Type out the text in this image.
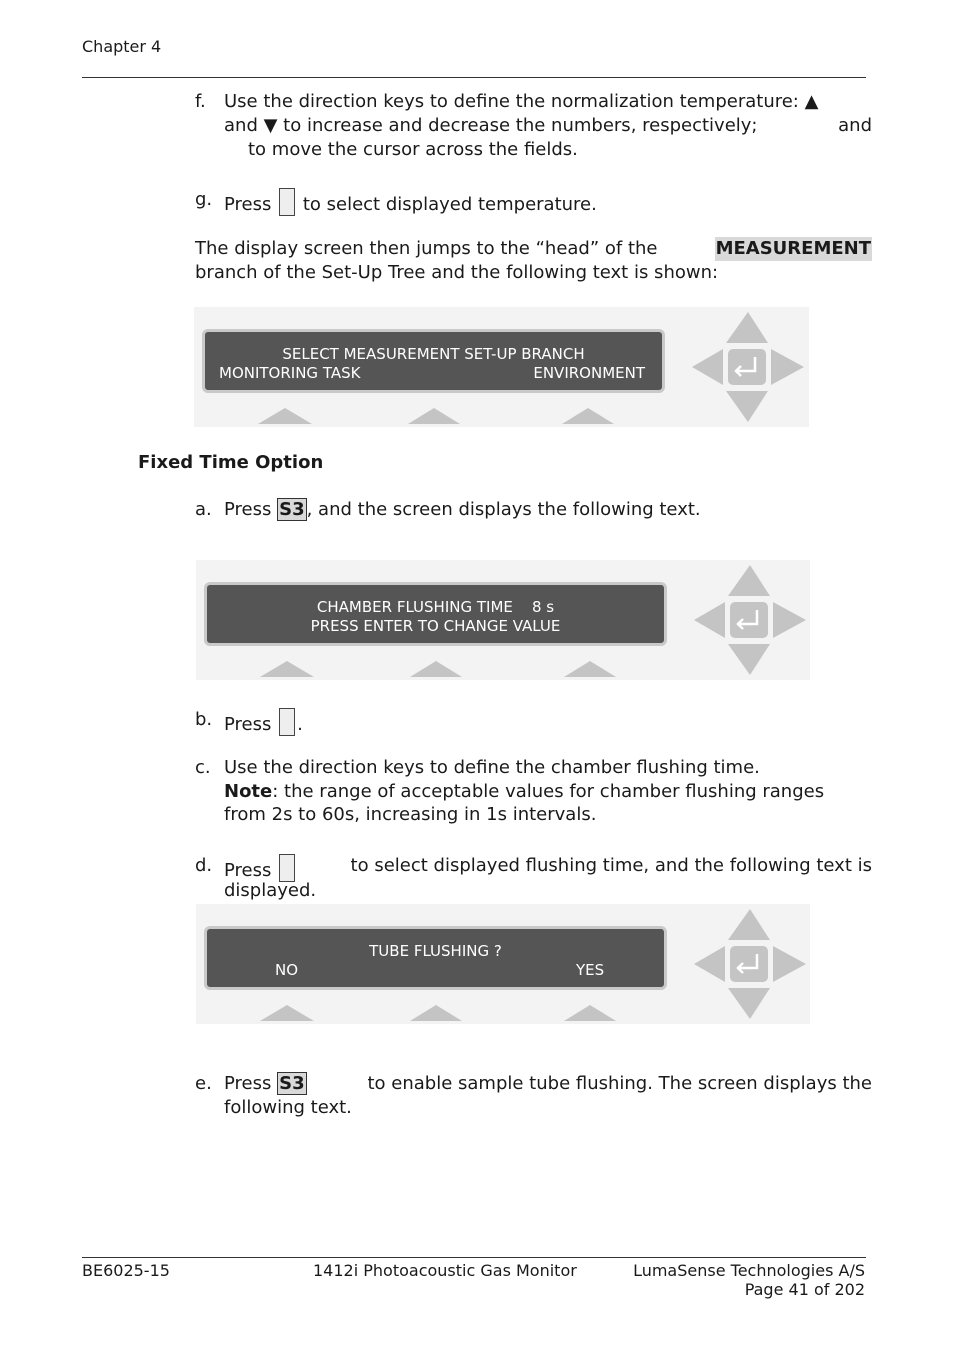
Chapter 4
f. Use the direction keys to define the normalization temperature: ▲
and ▼ to increase and decrease the numbers, respectively;	and
to move the cursor across the fields.
g. Press to select displayed temperature.
The display screen then jumps to the “head” of the	MEASUREMENT
branch of the Set-Up Tree and the following text is shown:
SELECT MEASUREMENT SET-UP BRANCH
MONITORING TASK	ENVIRONMENT
Fixed Time Option
a. Press S3 , and the screen displays the following text.
CHAMBER FLUSHING TIME    8 s
PRESS ENTER TO CHANGE VALUE
b. Press .
c. Use the direction keys to define the chamber flushing time.
Note: the range of acceptable values for chamber flushing ranges
from 2s to 60s, increasing in 1s intervals.
d. Press	to select displayed flushing time, and the following text is
displayed.
TUBE FLUSHING ?
NO	YES
e. Press S3	to enable sample tube flushing. The screen displays the
following text.
BE6025-15	1412i Photoacoustic Gas Monitor	LumaSense Technologies A/S
Page 41 of 202
